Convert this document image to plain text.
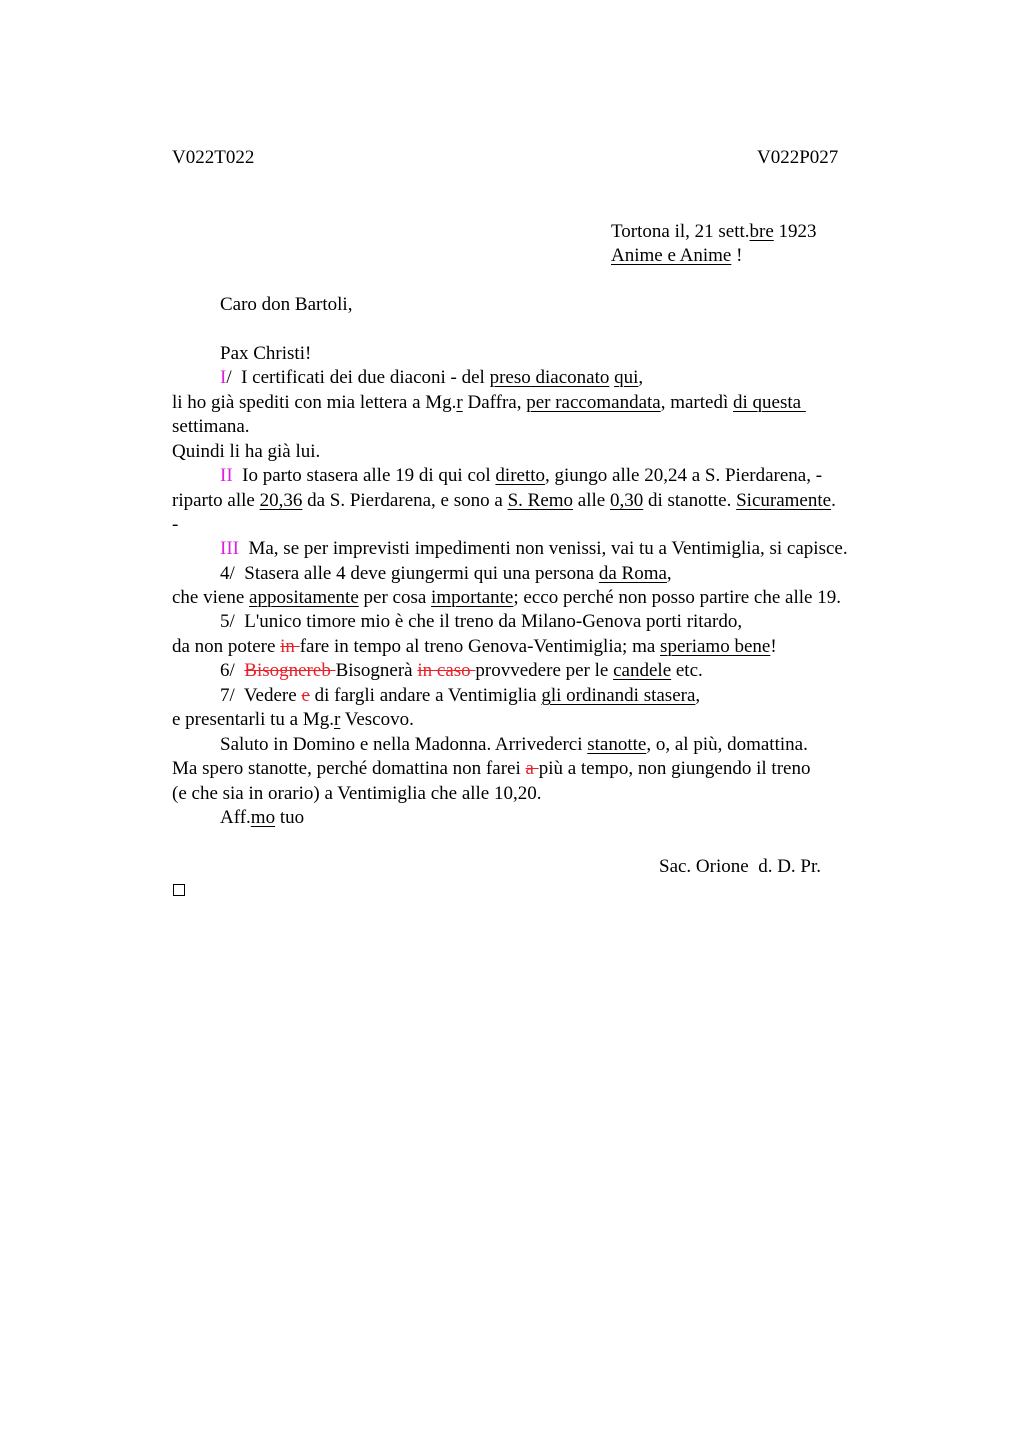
V022T022	V022P027
Tortona il, 21 sett.bre 1923
Anime e Anime !
Caro don Bartoli,
Pax Christi!
I/  I certificati dei due diaconi - del preso diaconato qui,
li ho già spediti con mia lettera a Mg.r Daffra, per raccomandata, martedì di questa
settimana.
Quindi li ha già lui.
II  Io parto stasera alle 19 di qui col diretto, giungo alle 20,24 a S. Pierdarena, -
riparto alle 20,36 da S. Pierdarena, e sono a S. Remo alle 0,30 di stanotte. Sicuramente.
-
III  Ma, se per imprevisti impedimenti non venissi, vai tu a Ventimiglia, si capisce.
4/  Stasera alle 4 deve giungermi qui una persona da Roma,
che viene appositamente per cosa importante; ecco perché non posso partire che alle 19.
5/  L'unico timore mio è che il treno da Milano-Genova porti ritardo,
da non potere in fare in tempo al treno Genova-Ventimiglia; ma speriamo bene!
6/  Bisognereb Bisognerà in caso provvedere per le candele etc.
7/  Vedere e di fargli andare a Ventimiglia gli ordinandi stasera,
e presentarli tu a Mg.r Vescovo.
Saluto in Domino e nella Madonna. Arrivederci stanotte, o, al più, domattina.
Ma spero stanotte, perché domattina non farei a più a tempo, non giungendo il treno
(e che sia in orario) a Ventimiglia che alle 10,20.
Aff.mo tuo
Sac. Orione  d. D. Pr.
